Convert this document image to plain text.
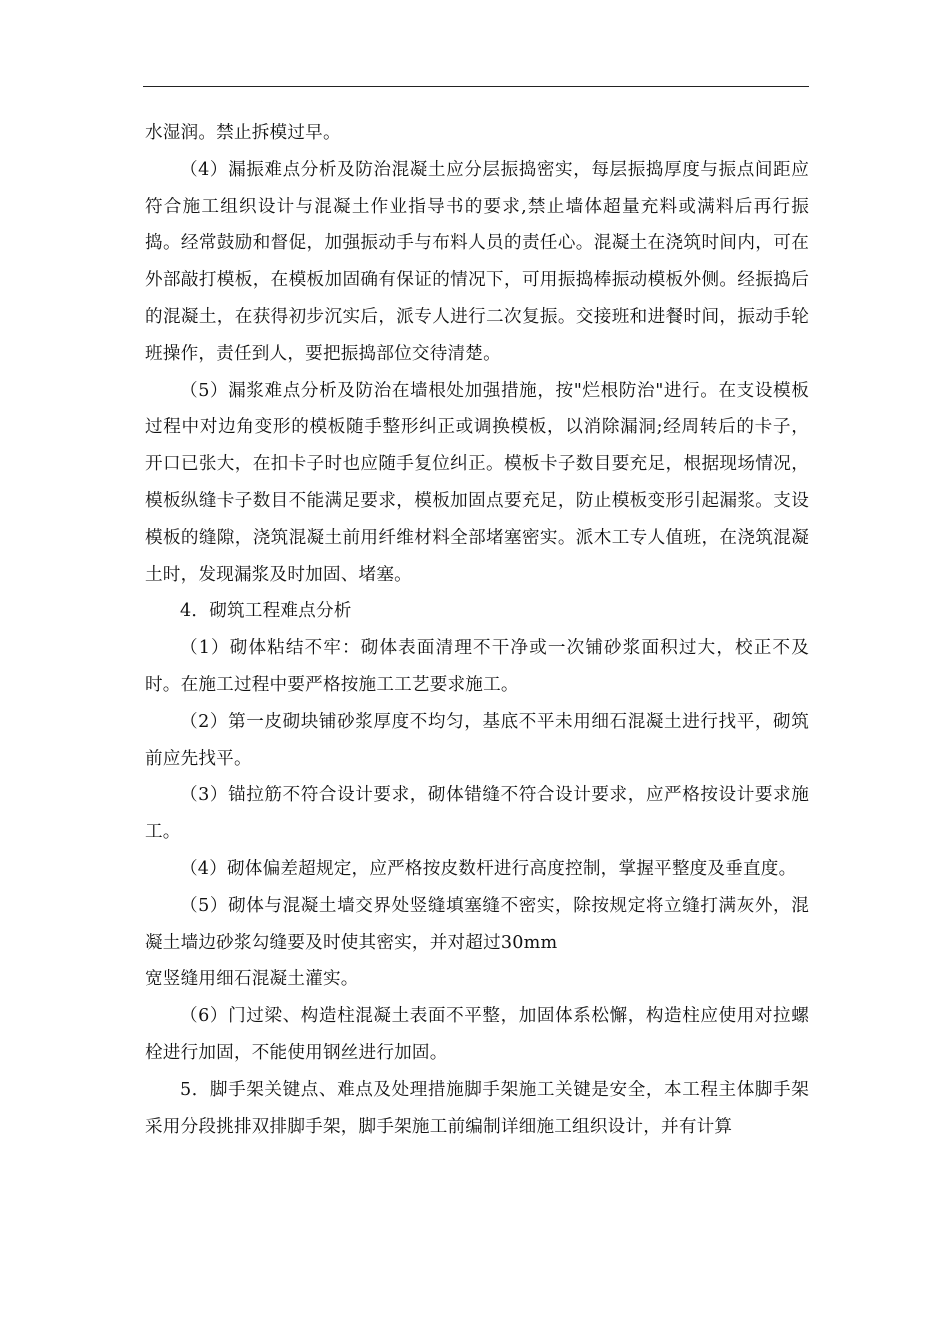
水湿润。禁止拆模过早。

（4）漏振难点分析及防治混凝土应分层振捣密实，每层振捣厚度与振点间距应符合施工组织设计与混凝土作业指导书的要求,禁止墙体超量充料或满料后再行振捣。经常鼓励和督促，加强振动手与布料人员的责任心。混凝土在浇筑时间内，可在外部敲打模板，在模板加固确有保证的情况下，可用振捣棒振动模板外侧。经振捣后的混凝土，在获得初步沉实后，派专人进行二次复振。交接班和进餐时间，振动手轮班操作，责任到人，要把振捣部位交待清楚。

（5）漏浆难点分析及防治在墙根处加强措施，按"烂根防治"进行。在支设模板过程中对边角变形的模板随手整形纠正或调换模板，以消除漏洞;经周转后的卡子，开口已张大，在扣卡子时也应随手复位纠正。模板卡子数目要充足，根据现场情况，模板纵缝卡子数目不能满足要求，模板加固点要充足，防止模板变形引起漏浆。支设模板的缝隙，浇筑混凝土前用纤维材料全部堵塞密实。派木工专人值班，在浇筑混凝土时，发现漏浆及时加固、堵塞。

4．砌筑工程难点分析

（1）砌体粘结不牢：砌体表面清理不干净或一次铺砂浆面积过大，校正不及时。在施工过程中要严格按施工工艺要求施工。

（2）第一皮砌块铺砂浆厚度不均匀，基底不平未用细石混凝土进行找平，砌筑前应先找平。

（3）锚拉筋不符合设计要求，砌体错缝不符合设计要求，应严格按设计要求施工。

（4）砌体偏差超规定，应严格按皮数杆进行高度控制，掌握平整度及垂直度。

（5）砌体与混凝土墙交界处竖缝填塞缝不密实，除按规定将立缝打满灰外，混凝土墙边砂浆勾缝要及时使其密实，并对超过30mm

宽竖缝用细石混凝土灌实。

（6）门过梁、构造柱混凝土表面不平整，加固体系松懈，构造柱应使用对拉螺栓进行加固，不能使用钢丝进行加固。

5．脚手架关键点、难点及处理措施脚手架施工关键是安全，本工程主体脚手架采用分段挑排双排脚手架，脚手架施工前编制详细施工组织设计，并有计算
